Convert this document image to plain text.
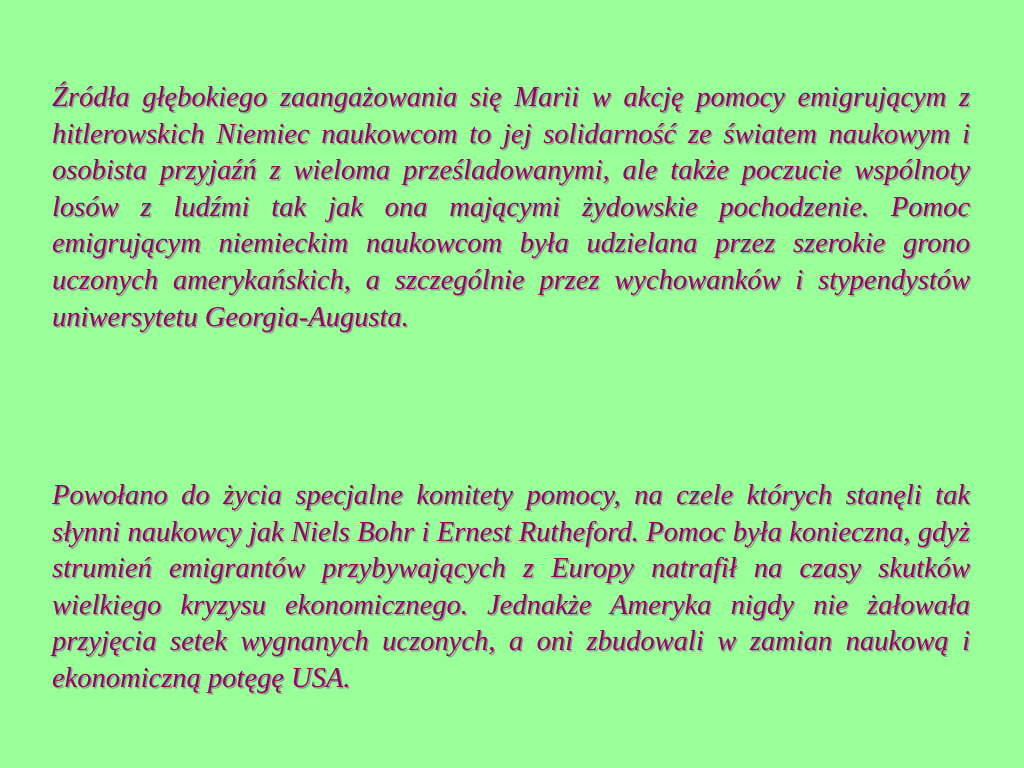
Źródła głębokiego zaangażowania się Marii w akcję pomocy emigrującym z hitlerowskich Niemiec naukowcom to jej solidarność ze światem naukowym i osobista przyjaźń z wieloma prześladowanymi, ale także poczucie wspólnoty losów z ludźmi tak jak ona mającymi żydowskie pochodzenie. Pomoc emigrującym niemieckim naukowcom była udzielana przez szerokie grono uczonych amerykańskich, a szczególnie przez wychowanków i stypendystów uniwersytetu Georgia-Augusta.

Powołano do życia specjalne komitety pomocy, na czele których stanęli tak słynni naukowcy jak Niels Bohr i Ernest Rutheford. Pomoc była konieczna, gdyż strumień emigrantów przybywających z Europy natrafił na czasy skutków wielkiego kryzysu ekonomicznego. Jednakże Ameryka nigdy nie żałowała przyjęcia setek wygnanych uczonych, a oni zbudowali w zamian naukową i ekonomiczną potęgę USA.
